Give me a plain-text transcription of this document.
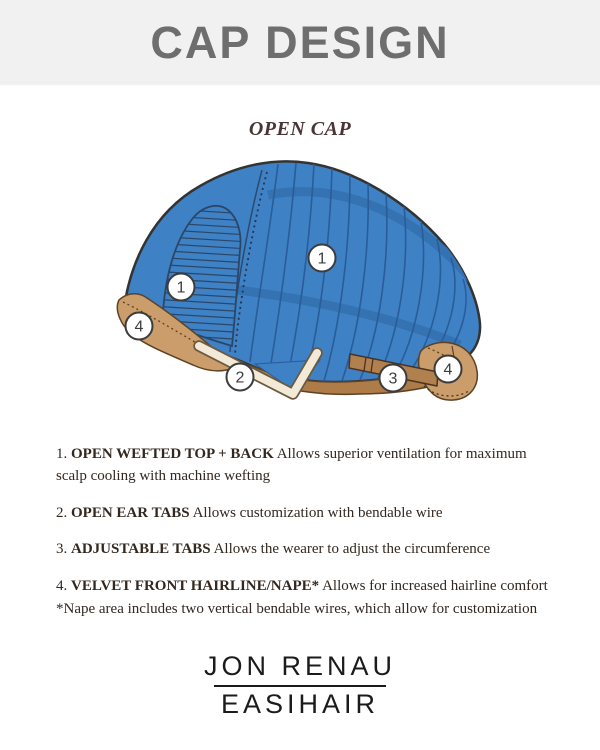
CAP DESIGN
OPEN CAP
1
1
2	3
4
4

1. OPEN WEFTED TOP + BACK Allows superior ventilation for maximum scalp cooling with machine wefting

2. OPEN EAR TABS Allows customization with bendable wire

3. ADJUSTABLE TABS Allows the wearer to adjust the circumference

4. VELVET FRONT HAIRLINE/NAPE* Allows for increased hairline comfort
*Nape area includes two vertical bendable wires, which allow for customization

JON RENAU
EASIHAIR
